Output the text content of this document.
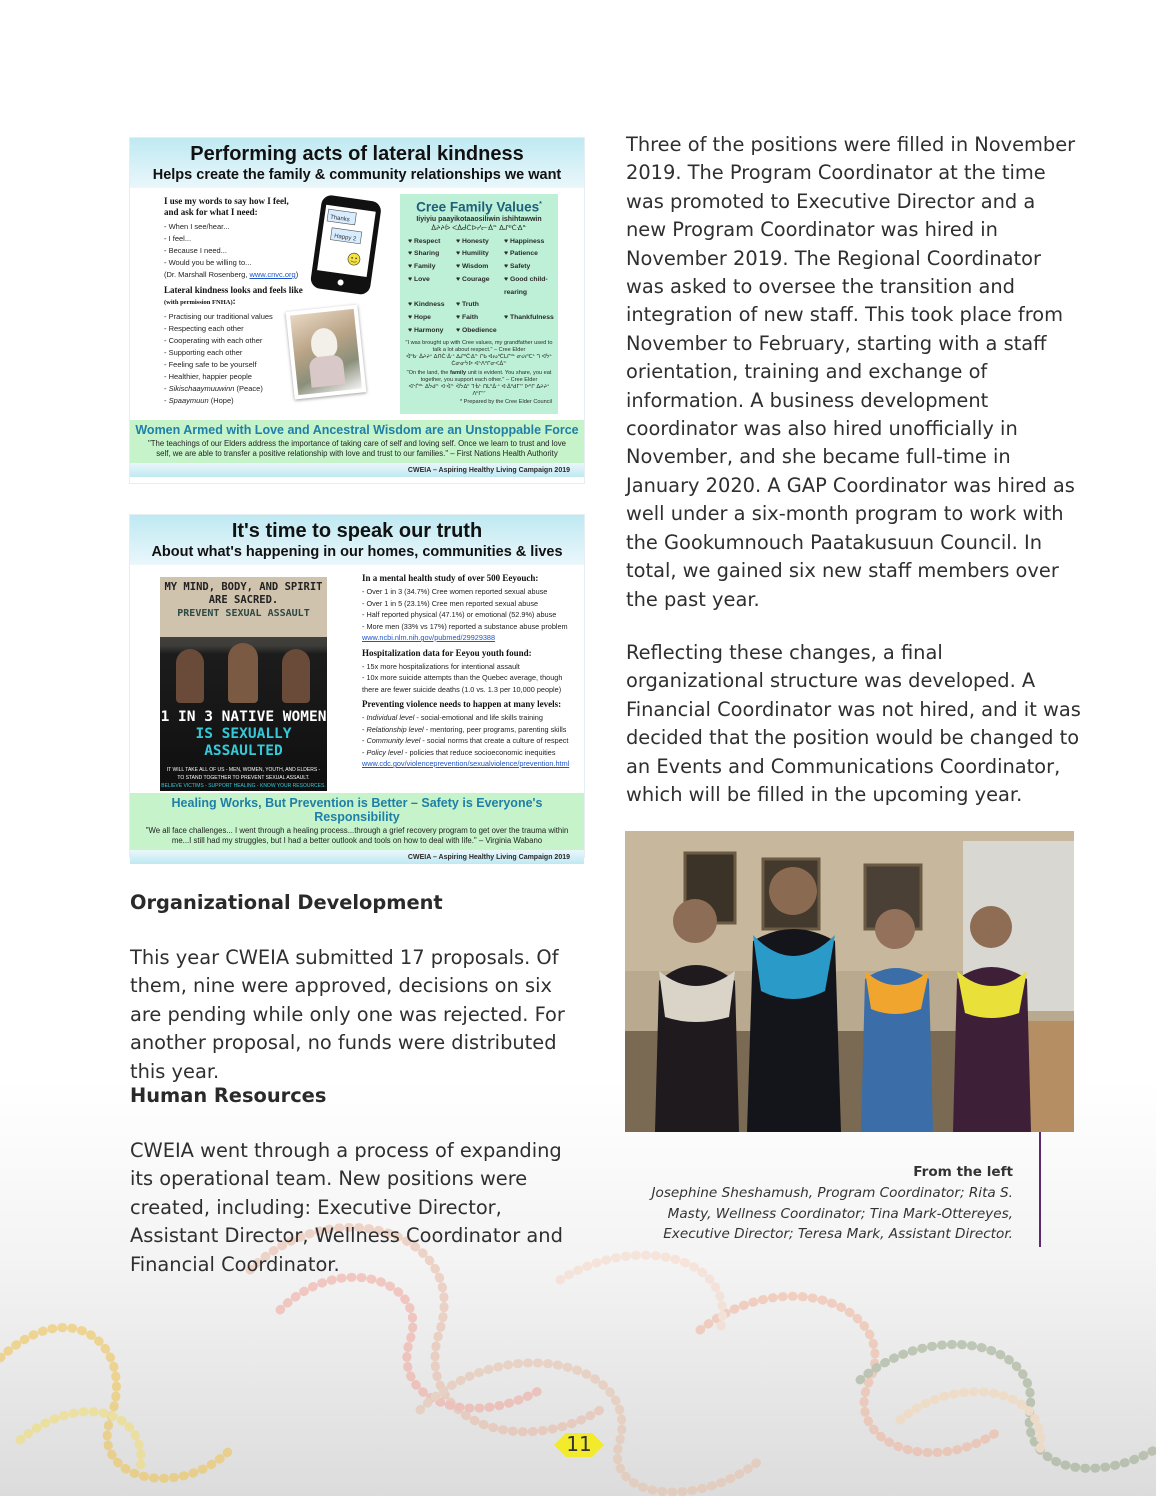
Performing acts of lateral kindness
Helps create the family & community relationships we want
I use my words to say how I feel, and ask for what I need:
- When I see/hear...
- I feel...
- Because I need...
- Would you be willing to...
(Dr. Marshall Rosenberg, www.cnvc.org)
Lateral kindness looks and feels like (with permission FNHA):
- Practising our traditional values
- Respecting each other
- Cooperating with each other
- Supporting each other
- Feeling safe to be yourself
- Healthier, happier people
- Sikischaaymuuwinn (Peace)
- Spaaymuun (Hope)
Thanks
Happy 2
Cree Family Values*
Iiyiyiu paayikotaaosiliwin ishihtawwin
ᐄᔨᔨᐆ ᐸᐄᑰᑖᐅᓯᓕᐐᓐ ᐃᔑᐦᑖᐎᓐ
♥ Respect	♥ Honesty	♥ Happiness
♥ Sharing	♥ Humility	♥ Patience
♥ Family	♥ Wisdom	♥ Safety
♥ Love	♥ Courage	♥ Good child-rearing
♥ Kindness	♥ Truth
♥ Hope	♥ Faith	♥ Thankfulness
♥ Harmony	♥ Obedience
"I was brought up with Cree values, my grandfather used to talk a lot about respect." – Cree Elder
ᐋᐦᑲᐧ ᐄᔨᔨᐤ ᐃᑎᑖᐧᐄᐧᐣ ᐃᔑᐦᑖᐎᓐ ᒋᑲ ᐊᔓᐦᑖᒪᒋᐦᒡ ᓂᔖᐦᑕᒡ ᒉ ᐊᔮᒡ ᑖᓂᓂᔮᐅ ᐊᔅᐱᐦᒋᓂᐸᐄᓐ
"On the land, the family unit is evident. You share, you eat together, you support each other." – Cree Elder
ᐊᔅᒌᐦᒡ ᐃᔮᑯᓐ ᐊᐧᐋᓐ ᐋᔮᐃᐦ ᒣᒀᒡ ᑎᒪᐦᐄᐧᐣ ᐊᐧᐄᐦᑯᒥᔥ ᐅᐦᒋ ᐃᔨᔨᐤ ᐱᐦᒋᔥ
* Prepared by the Cree Elder Council
Women Armed with Love and Ancestral Wisdom are an Unstoppable Force
"The teachings of our Elders address the importance of taking care of self and loving self. Once we learn to trust and love self, we are able to transfer a positive relationship with love and trust to our families." – First Nations Health Authority
CWEIA – Aspiring Healthy Living Campaign 2019
It's time to speak our truth
About what's happening in our homes, communities & lives
MY MIND, BODY, AND SPIRIT
ARE SACRED.
PREVENT SEXUAL ASSAULT
1 IN 3 NATIVE WOMEN
IS SEXUALLY ASSAULTED
IT WILL TAKE ALL OF US - MEN, WOMEN, YOUTH, AND ELDERS -
TO STAND TOGETHER TO PREVENT SEXUAL ASSAULT.
BELIEVE VICTIMS - SUPPORT HEALING - KNOW YOUR RESOURCES.
In a mental health study of over 500 Eeyouch:
- Over 1 in 3 (34.7%) Cree women reported sexual abuse
- Over 1 in 5 (23.1%) Cree men reported sexual abuse
- Half reported physical (47.1%) or emotional (52.9%) abuse
- More men (33% vs 17%) reported a substance abuse problem
www.ncbi.nlm.nih.gov/pubmed/29929388
Hospitalization data for Eeyou youth found:
- 15x more hospitalizations for intentional assault
- 10x more suicide attempts than the Quebec average, though there are fewer suicide deaths (1.0 vs. 1.3 per 10,000 people)
Preventing violence needs to happen at many levels:
- Individual level - social-emotional and life skills training
- Relationship level - mentoring, peer programs, parenting skills
- Community level - social norms that create a culture of respect
- Policy level - policies that reduce socioeconomic inequities
www.cdc.gov/violenceprevention/sexualviolence/prevention.html
Healing Works, But Prevention is Better – Safety is Everyone's Responsibility
"We all face challenges... I went through a healing process...through a grief recovery program to get over the trauma within me...I still had my struggles, but I had a better outlook and tools on how to deal with life." – Virginia Wabano
CWEIA – Aspiring Healthy Living Campaign 2019

Three of the positions were filled in November 2019. The Program Coordinator at the time was promoted to Executive Director and a new Program Coordinator was hired in November 2019. The Regional Coordinator was asked to oversee the transition and integration of new staff. This took place from November to February, starting with a staff orientation, training and exchange of information. A business development coordinator was also hired unofficially in November, and she became full-time in January 2020. A GAP Coordinator was hired as well under a six-month program to work with the Gookumnouch Paatakusuun Council. In total, we gained six new staff members over the past year.

Reflecting these changes, a final organizational structure was developed. A Financial Coordinator was not hired, and it was decided that the position would be changed to an Events and Communications Coordinator, which will be filled in the upcoming year.

Organizational Development
This year CWEIA submitted 17 proposals. Of them, nine were approved, decisions on six are pending while only one was rejected. For another proposal, no funds were distributed this year.
Human Resources
CWEIA went through a process of expanding its operational team. New positions were created, including: Executive Director, Assistant Director, Wellness Coordinator and Financial Coordinator.
From the left
Josephine Sheshamush, Program Coordinator; Rita S. Masty, Wellness Coordinator; Tina Mark-Ottereyes, Executive Director; Teresa Mark, Assistant Director.
11
